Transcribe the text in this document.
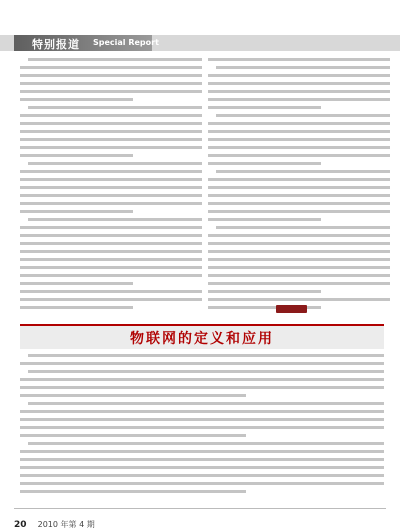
特别报道 Special Report
物联网的定义和应用
20 2010 年第 4 期
